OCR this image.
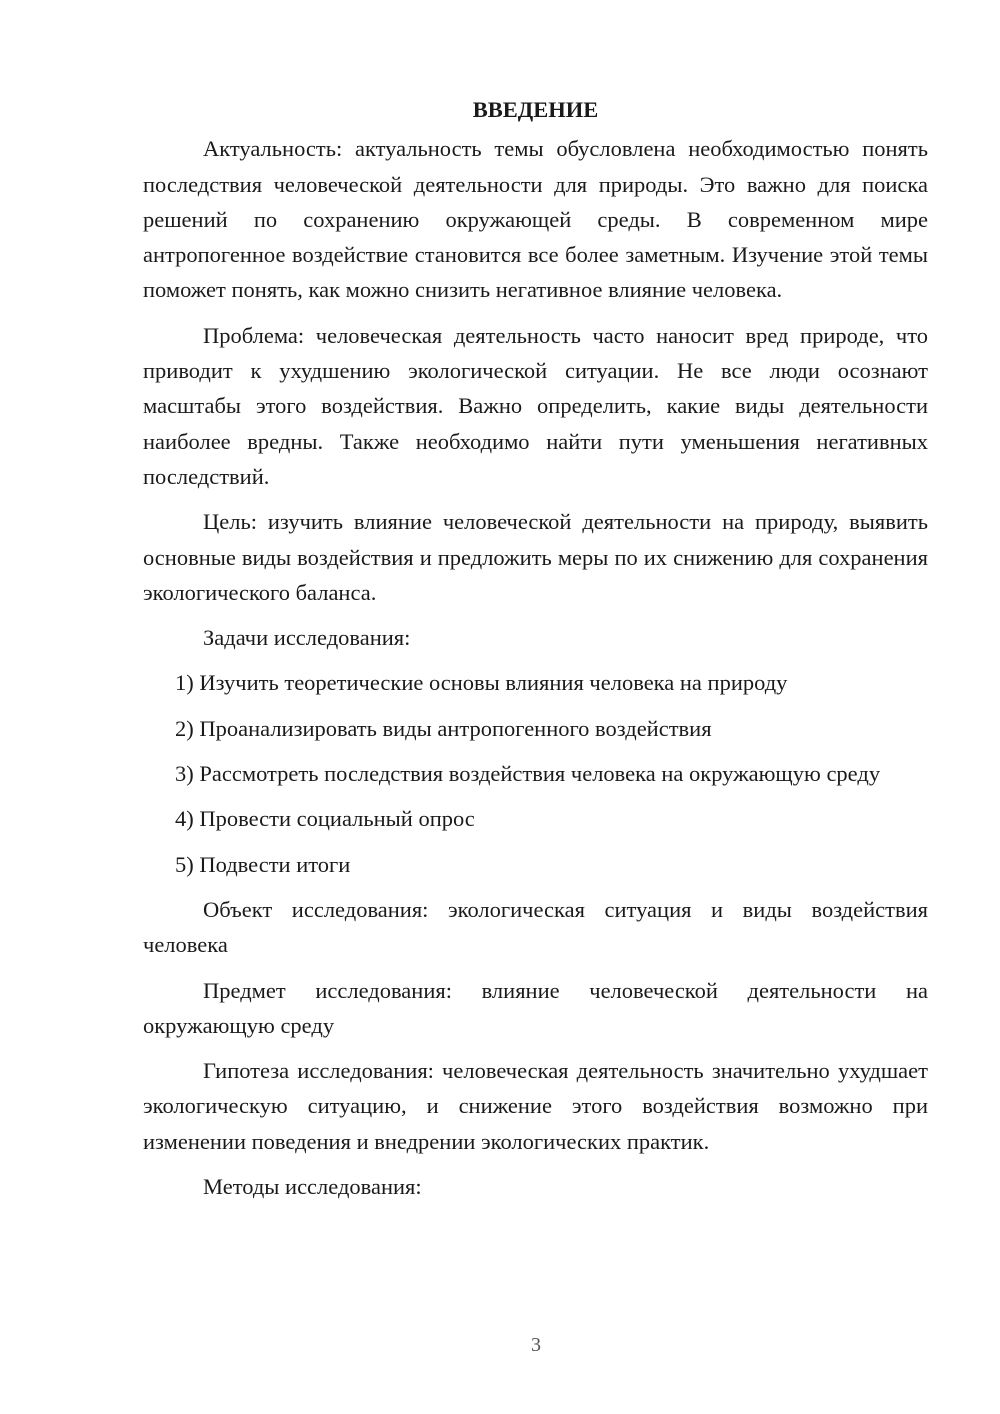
ВВЕДЕНИЕ

Актуальность: актуальность темы обусловлена необходимостью понять последствия человеческой деятельности для природы. Это важно для поиска решений по сохранению окружающей среды. В современном мире антропогенное воздействие становится все более заметным. Изучение этой темы поможет понять, как можно снизить негативное влияние человека.

Проблема: человеческая деятельность часто наносит вред природе, что приводит к ухудшению экологической ситуации. Не все люди осознают масштабы этого воздействия. Важно определить, какие виды деятельности наиболее вредны. Также необходимо найти пути уменьшения негативных последствий.

Цель: изучить влияние человеческой деятельности на природу, выявить основные виды воздействия и предложить меры по их снижению для сохранения экологического баланса.

Задачи исследования:

1) Изучить теоретические основы влияния человека на природу

2) Проанализировать виды антропогенного воздействия

3) Рассмотреть последствия воздействия человека на окружающую среду

4) Провести социальный опрос

5) Подвести итоги

Объект исследования: экологическая ситуация и виды воздействия человека

Предмет исследования: влияние человеческой деятельности на окружающую среду

Гипотеза исследования: человеческая деятельность значительно ухудшает экологическую ситуацию, и снижение этого воздействия возможно при изменении поведения и внедрении экологических практик.

Методы исследования:

3
